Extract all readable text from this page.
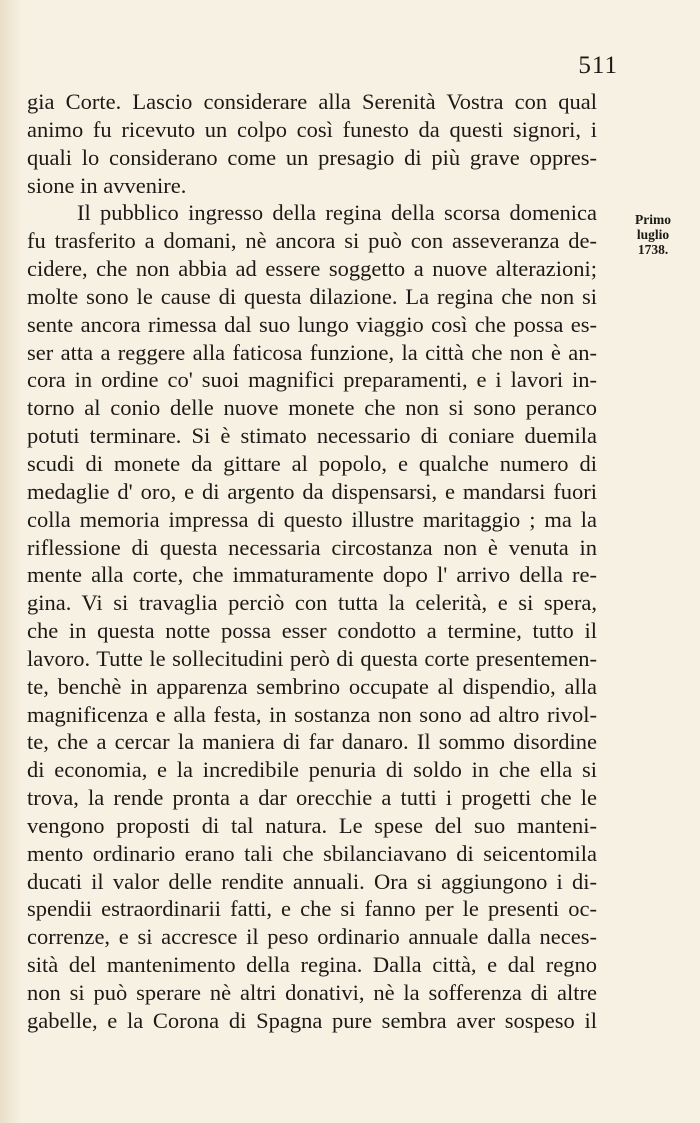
511
Primo
luglio
1738.
gia Corte. Lascio considerare alla Serenità Vostra con qual
animo fu ricevuto un colpo così funesto da questi signori, i
quali lo considerano come un presagio di più grave oppres-
sione in avvenire.
Il pubblico ingresso della regina della scorsa domenica
fu trasferito a domani, nè ancora si può con asseveranza de-
cidere, che non abbia ad essere soggetto a nuove alterazioni;
molte sono le cause di questa dilazione. La regina che non si
sente ancora rimessa dal suo lungo viaggio così che possa es-
ser atta a reggere alla faticosa funzione, la città che non è an-
cora in ordine co' suoi magnifici preparamenti, e i lavori in-
torno al conio delle nuove monete che non si sono peranco
potuti terminare. Si è stimato necessario di coniare duemila
scudi di monete da gittare al popolo, e qualche numero di
medaglie d' oro, e di argento da dispensarsi, e mandarsi fuori
colla memoria impressa di questo illustre maritaggio ; ma la
riflessione di questa necessaria circostanza non è venuta in
mente alla corte, che immaturamente dopo l' arrivo della re-
gina. Vi si travaglia perciò con tutta la celerità, e si spera,
che in questa notte possa esser condotto a termine, tutto il
lavoro. Tutte le sollecitudini però di questa corte presentemen-
te, benchè in apparenza sembrino occupate al dispendio, alla
magnificenza e alla festa, in sostanza non sono ad altro rivol-
te, che a cercar la maniera di far danaro. Il sommo disordine
di economia, e la incredibile penuria di soldo in che ella si
trova, la rende pronta a dar orecchie a tutti i progetti che le
vengono proposti di tal natura. Le spese del suo manteni-
mento ordinario erano tali che sbilanciavano di seicentomila
ducati il valor delle rendite annuali. Ora si aggiungono i di-
spendii estraordinarii fatti, e che si fanno per le presenti oc-
correnze, e si accresce il peso ordinario annuale dalla neces-
sità del mantenimento della regina. Dalla città, e dal regno
non si può sperare nè altri donativi, nè la sofferenza di altre
gabelle, e la Corona di Spagna pure sembra aver sospeso il
